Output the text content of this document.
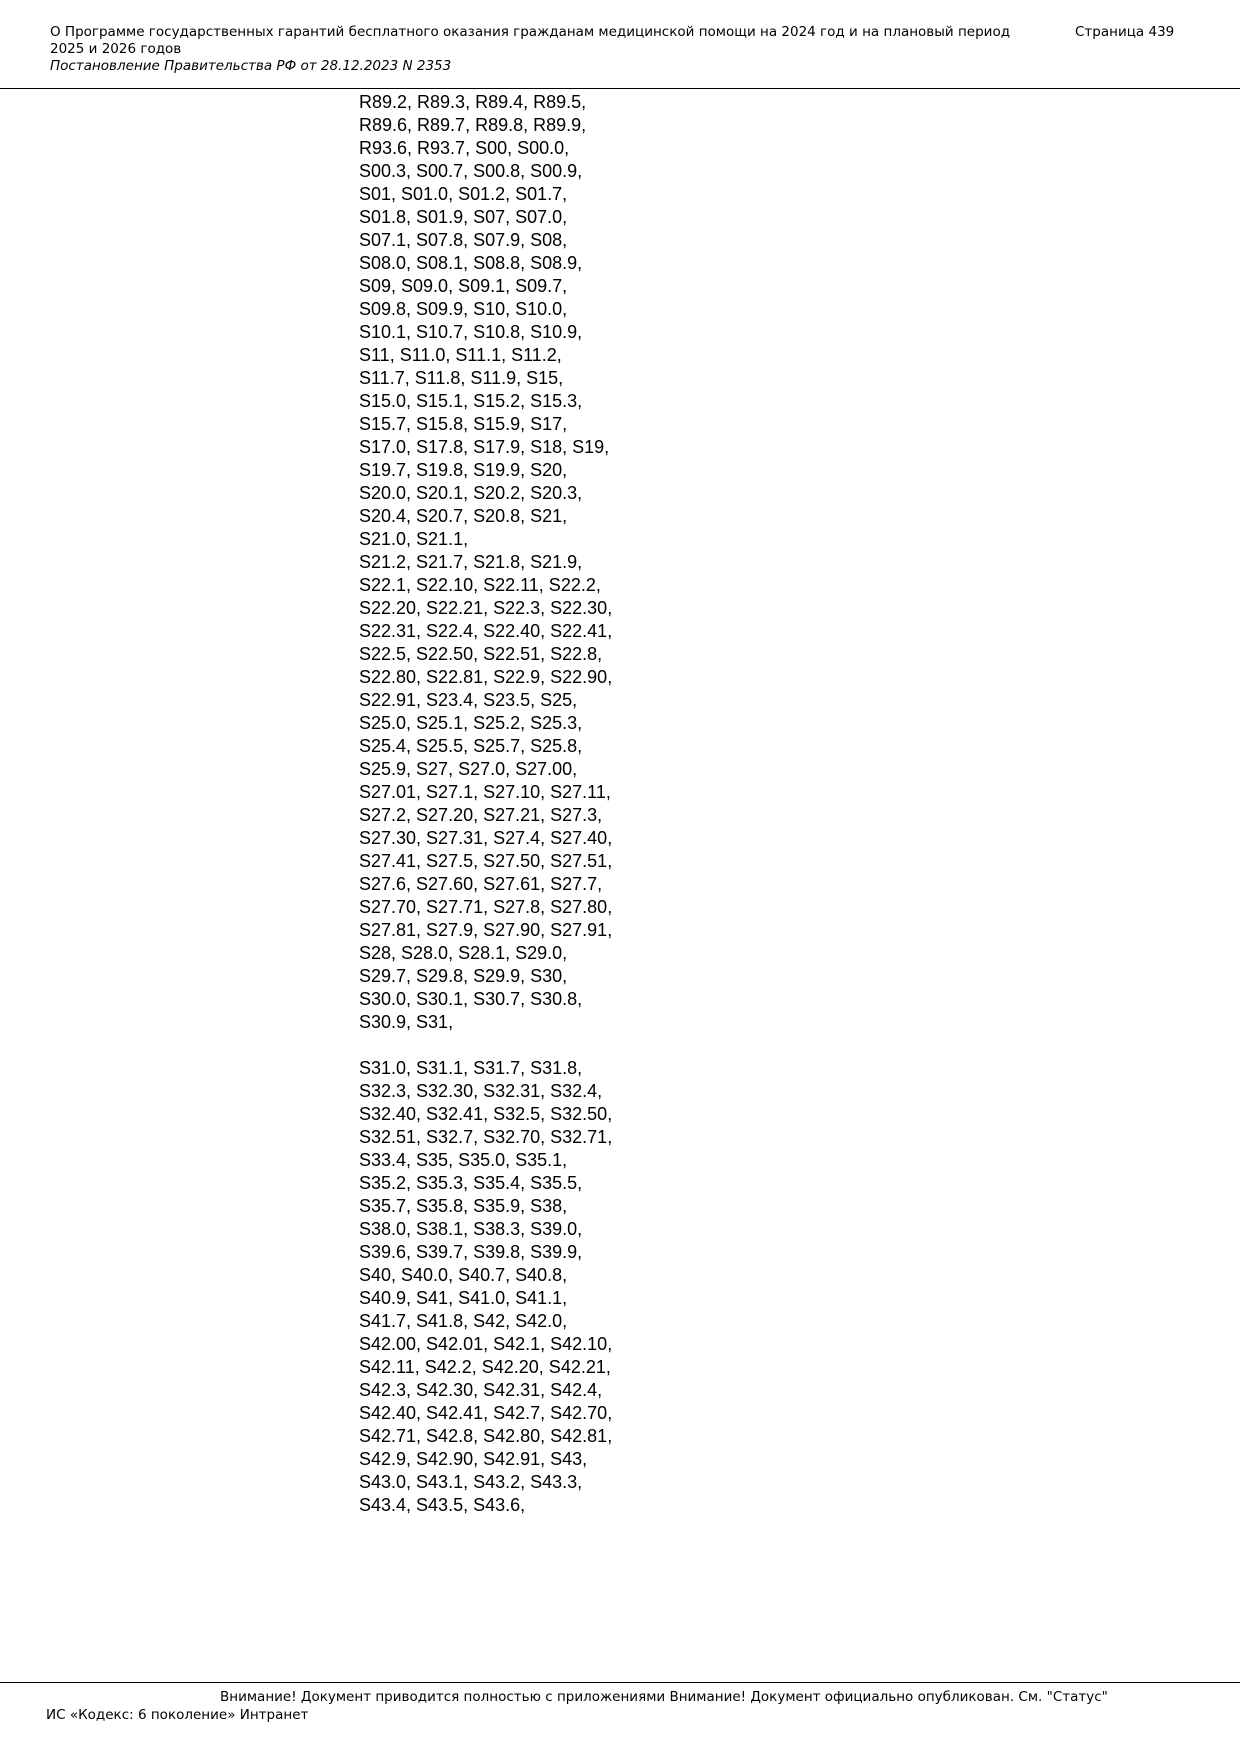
О Программе государственных гарантий бесплатного оказания гражданам медицинской помощи на 2024 год и на плановый период 2025 и 2026 годов
Постановление Правительства РФ от 28.12.2023 N 2353
Страница 439
R89.2, R89.3, R89.4, R89.5,
R89.6, R89.7, R89.8, R89.9,
R93.6, R93.7, S00, S00.0,
S00.3, S00.7, S00.8, S00.9,
S01, S01.0, S01.2, S01.7,
S01.8, S01.9, S07, S07.0,
S07.1, S07.8, S07.9, S08,
S08.0, S08.1, S08.8, S08.9,
S09, S09.0, S09.1, S09.7,
S09.8, S09.9, S10, S10.0,
S10.1, S10.7, S10.8, S10.9,
S11, S11.0, S11.1, S11.2,
S11.7, S11.8, S11.9, S15,
S15.0, S15.1, S15.2, S15.3,
S15.7, S15.8, S15.9, S17,
S17.0, S17.8, S17.9, S18, S19,
S19.7, S19.8, S19.9, S20,
S20.0, S20.1, S20.2, S20.3,
S20.4, S20.7, S20.8, S21,
S21.0, S21.1,
S21.2, S21.7, S21.8, S21.9,
S22.1, S22.10, S22.11, S22.2,
S22.20, S22.21, S22.3, S22.30,
S22.31, S22.4, S22.40, S22.41,
S22.5, S22.50, S22.51, S22.8,
S22.80, S22.81, S22.9, S22.90,
S22.91, S23.4, S23.5, S25,
S25.0, S25.1, S25.2, S25.3,
S25.4, S25.5, S25.7, S25.8,
S25.9, S27, S27.0, S27.00,
S27.01, S27.1, S27.10, S27.11,
S27.2, S27.20, S27.21, S27.3,
S27.30, S27.31, S27.4, S27.40,
S27.41, S27.5, S27.50, S27.51,
S27.6, S27.60, S27.61, S27.7,
S27.70, S27.71, S27.8, S27.80,
S27.81, S27.9, S27.90, S27.91,
S28, S28.0, S28.1, S29.0,
S29.7, S29.8, S29.9, S30,
S30.0, S30.1, S30.7, S30.8,
S30.9, S31,
S31.0, S31.1, S31.7, S31.8,
S32.3, S32.30, S32.31, S32.4,
S32.40, S32.41, S32.5, S32.50,
S32.51, S32.7, S32.70, S32.71,
S33.4, S35, S35.0, S35.1,
S35.2, S35.3, S35.4, S35.5,
S35.7, S35.8, S35.9, S38,
S38.0, S38.1, S38.3, S39.0,
S39.6, S39.7, S39.8, S39.9,
S40, S40.0, S40.7, S40.8,
S40.9, S41, S41.0, S41.1,
S41.7, S41.8, S42, S42.0,
S42.00, S42.01, S42.1, S42.10,
S42.11, S42.2, S42.20, S42.21,
S42.3, S42.30, S42.31, S42.4,
S42.40, S42.41, S42.7, S42.70,
S42.71, S42.8, S42.80, S42.81,
S42.9, S42.90, S42.91, S43,
S43.0, S43.1, S43.2, S43.3,
S43.4, S43.5, S43.6,
Внимание! Документ приводится полностью с приложениями Внимание! Документ официально опубликован. См. "Статус"
ИС «Кодекс: 6 поколение» Интранет
